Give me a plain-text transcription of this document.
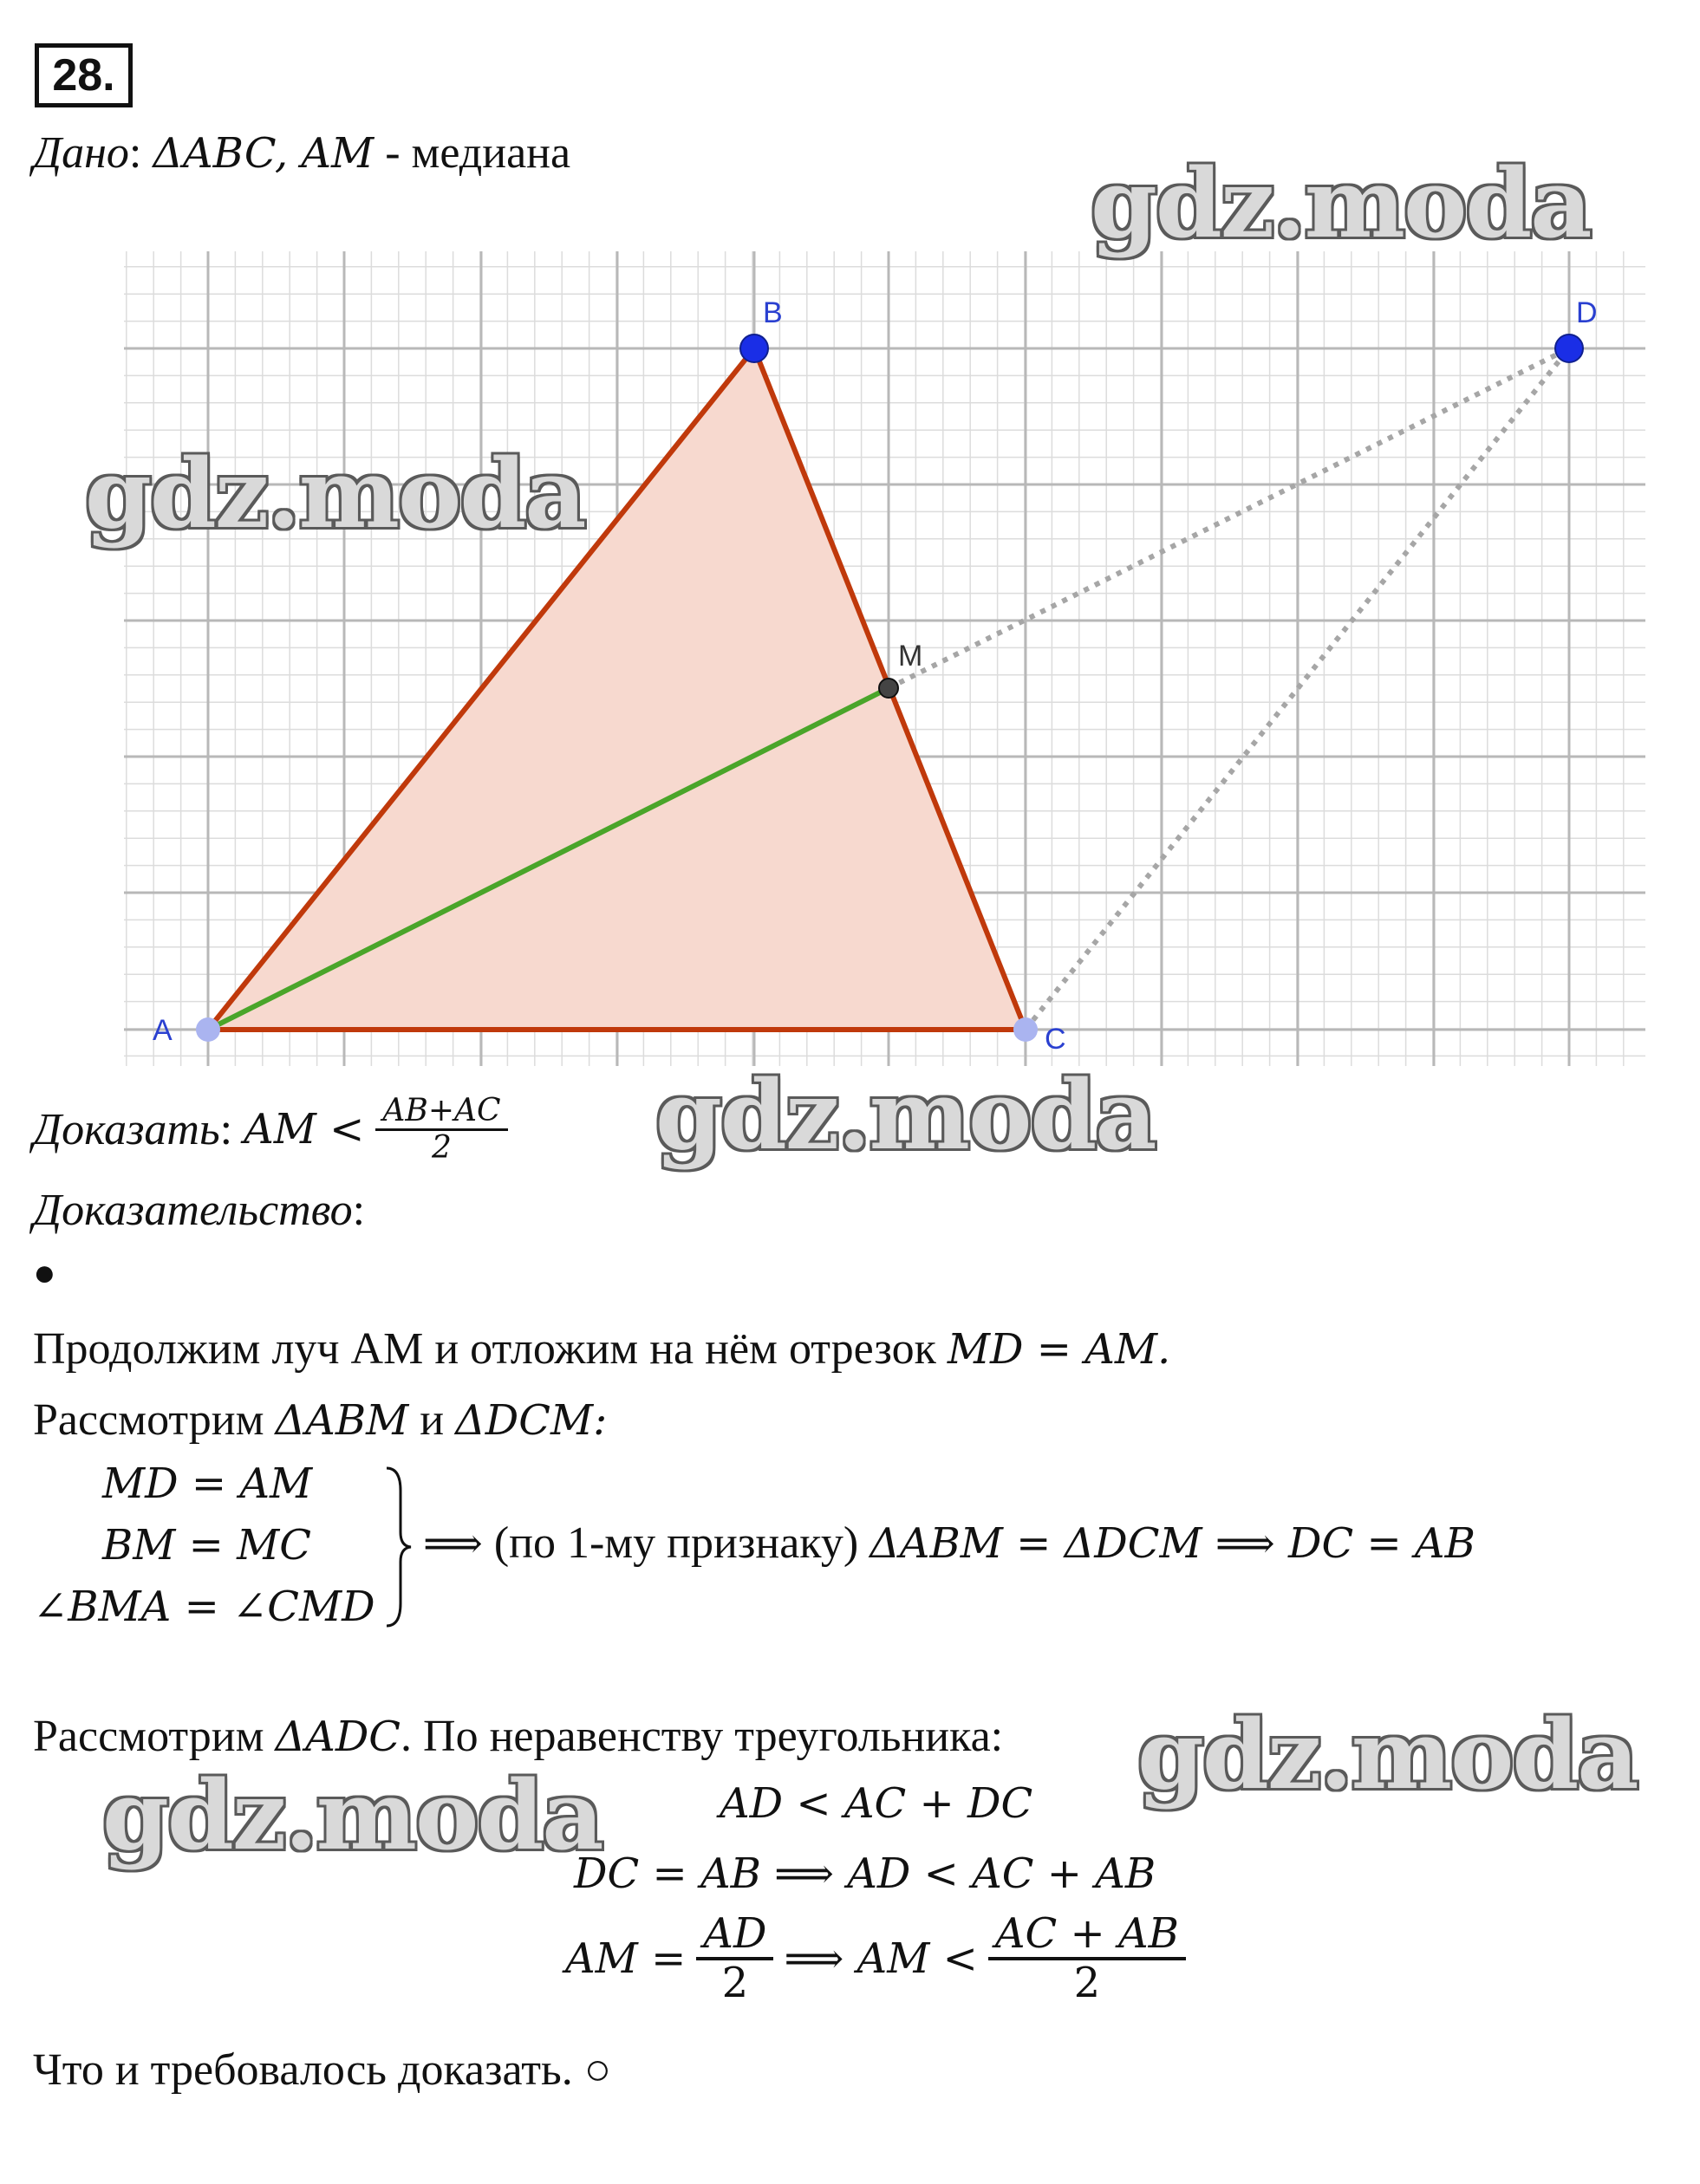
28.
Дано: ΔABC, AM - медиана
A
B
C
D
M
gdz.moda
gdz.moda
gdz.moda
gdz.moda
gdz.moda
Доказать : AM <
$\frac{AB+AC}{2}$
Доказательство:
●
Продолжим луч АМ и отложим на нём отрезок MD = AM.
Рассмотрим ΔABM и ΔDCM:
MD = AM
BM = MC
∠BMA = ∠CMD
⟹ (по 1-му признаку) ΔABM = ΔDCM ⟹ DC = AB
Рассмотрим ΔADC. По неравенству треугольника:
AD < AC + DC
DC = AB ⟹ AD < AC + AB
AM = $\frac{AD}{2}$ ⟹ AM < $\frac{AC + AB}{2}$
Что и требовалось доказать. ○
